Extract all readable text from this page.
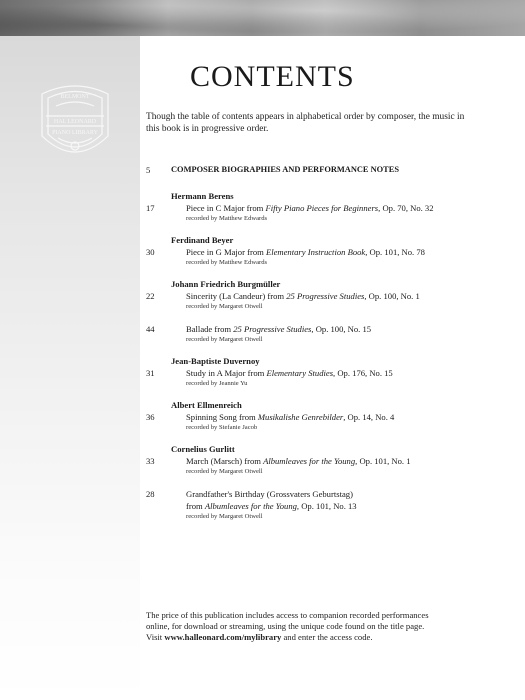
BELMONT
HAL LEONARD
PIANO LIBRARY
CONTENTS

Though the table of contents appears in alphabetical order by composer, the music in this book is in progressive order.

5	COMPOSER BIOGRAPHIES AND PERFORMANCE NOTES
Hermann Berens
17	Piece in C Major from Fifty Piano Pieces for Beginners, Op. 70, No. 32
recorded by Matthew Edwards
Ferdinand Beyer
30	Piece in G Major from Elementary Instruction Book, Op. 101, No. 78
recorded by Matthew Edwards
Johann Friedrich Burgmüller
22	Sincerity (La Candeur) from 25 Progressive Studies, Op. 100, No. 1
recorded by Margaret Otwell
44	Ballade from 25 Progressive Studies, Op. 100, No. 15
recorded by Margaret Otwell
Jean-Baptiste Duvernoy
31	Study in A Major from Elementary Studies, Op. 176, No. 15
recorded by Jeannie Yu
Albert Ellmenreich
36	Spinning Song from Musikalishe Genrebilder, Op. 14, No. 4
recorded by Stefanie Jacob
Cornelius Gurlitt
33	March (Marsch) from Albumleaves for the Young, Op. 101, No. 1
recorded by Margaret Otwell
28	Grandfather's Birthday (Grossvaters Geburtstag)
from Albumleaves for the Young, Op. 101, No. 13
recorded by Margaret Otwell

The price of this publication includes access to companion recorded performances
online, for download or streaming, using the unique code found on the title page.
Visit www.halleonard.com/mylibrary and enter the access code.
